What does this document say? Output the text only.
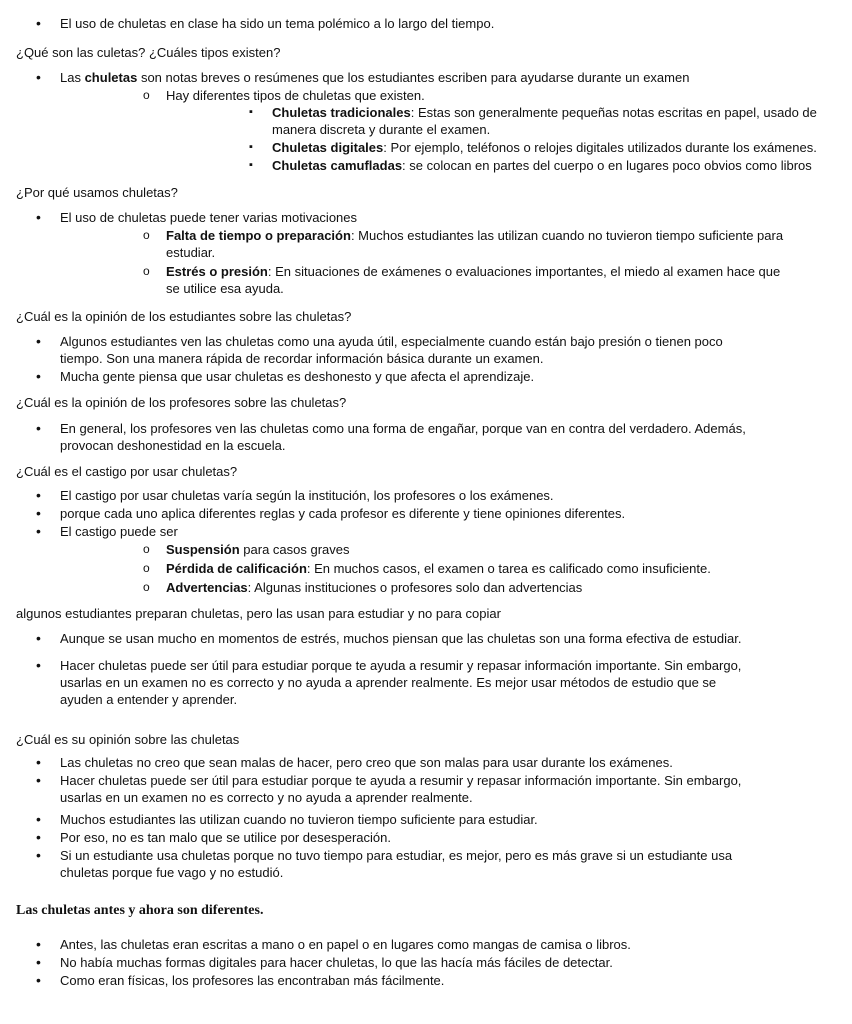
• El uso de chuletas en clase ha sido un tema polémico a lo largo del tiempo.

¿Qué son las culetas? ¿Cuáles tipos existen?

• Las chuletas son notas breves o resúmenes que los estudiantes escriben para ayudarse durante un examen
o Hay diferentes tipos de chuletas que existen.
▪ Chuletas tradicionales: Estas son generalmente pequeñas notas escritas en papel, usado de manera discreta y durante el examen.
▪ Chuletas digitales: Por ejemplo, teléfonos o relojes digitales utilizados durante los exámenes.
▪ Chuletas camufladas: se colocan en partes del cuerpo o en lugares poco obvios como libros

¿Por qué usamos chuletas?

• El uso de chuletas puede tener varias motivaciones
o Falta de tiempo o preparación: Muchos estudiantes las utilizan cuando no tuvieron tiempo suficiente para estudiar.
o Estrés o presión: En situaciones de exámenes o evaluaciones importantes, el miedo al examen hace que se utilice esa ayuda.

¿Cuál es la opinión de los estudiantes sobre las chuletas?

• Algunos estudiantes ven las chuletas como una ayuda útil, especialmente cuando están bajo presión o tienen poco tiempo. Son una manera rápida de recordar información básica durante un examen.
• Mucha gente piensa que usar chuletas es deshonesto y que afecta el aprendizaje.

¿Cuál es la opinión de los profesores sobre las chuletas?

• En general, los profesores ven las chuletas como una forma de engañar, porque van en contra del verdadero. Además, provocan deshonestidad en la escuela.

¿Cuál es el castigo por usar chuletas?

• El castigo por usar chuletas varía según la institución, los profesores o los exámenes.
• porque cada uno aplica diferentes reglas y cada profesor es diferente y tiene opiniones diferentes.
• El castigo puede ser
o Suspensión para casos graves
o Pérdida de calificación: En muchos casos, el examen o tarea es calificado como insuficiente.
o Advertencias: Algunas instituciones o profesores solo dan advertencias

algunos estudiantes preparan chuletas, pero las usan para estudiar y no para copiar

• Aunque se usan mucho en momentos de estrés, muchos piensan que las chuletas son una forma efectiva de estudiar.
• Hacer chuletas puede ser útil para estudiar porque te ayuda a resumir y repasar información importante. Sin embargo, usarlas en un examen no es correcto y no ayuda a aprender realmente. Es mejor usar métodos de estudio que se ayuden a entender y aprender.

¿Cuál es su opinión sobre las chuletas

• Las chuletas no creo que sean malas de hacer, pero creo que son malas para usar durante los exámenes.
• Hacer chuletas puede ser útil para estudiar porque te ayuda a resumir y repasar información importante. Sin embargo, usarlas en un examen no es correcto y no ayuda a aprender realmente.
• Muchos estudiantes las utilizan cuando no tuvieron tiempo suficiente para estudiar.
• Por eso, no es tan malo que se utilice por desesperación.
• Si un estudiante usa chuletas porque no tuvo tiempo para estudiar, es mejor, pero es más grave si un estudiante usa chuletas porque fue vago y no estudió.

Las chuletas antes y ahora son diferentes.

• Antes, las chuletas eran escritas a mano o en papel o en lugares como mangas de camisa o libros.
• No había muchas formas digitales para hacer chuletas, lo que las hacía más fáciles de detectar.
• Como eran físicas, los profesores las encontraban más fácilmente.
